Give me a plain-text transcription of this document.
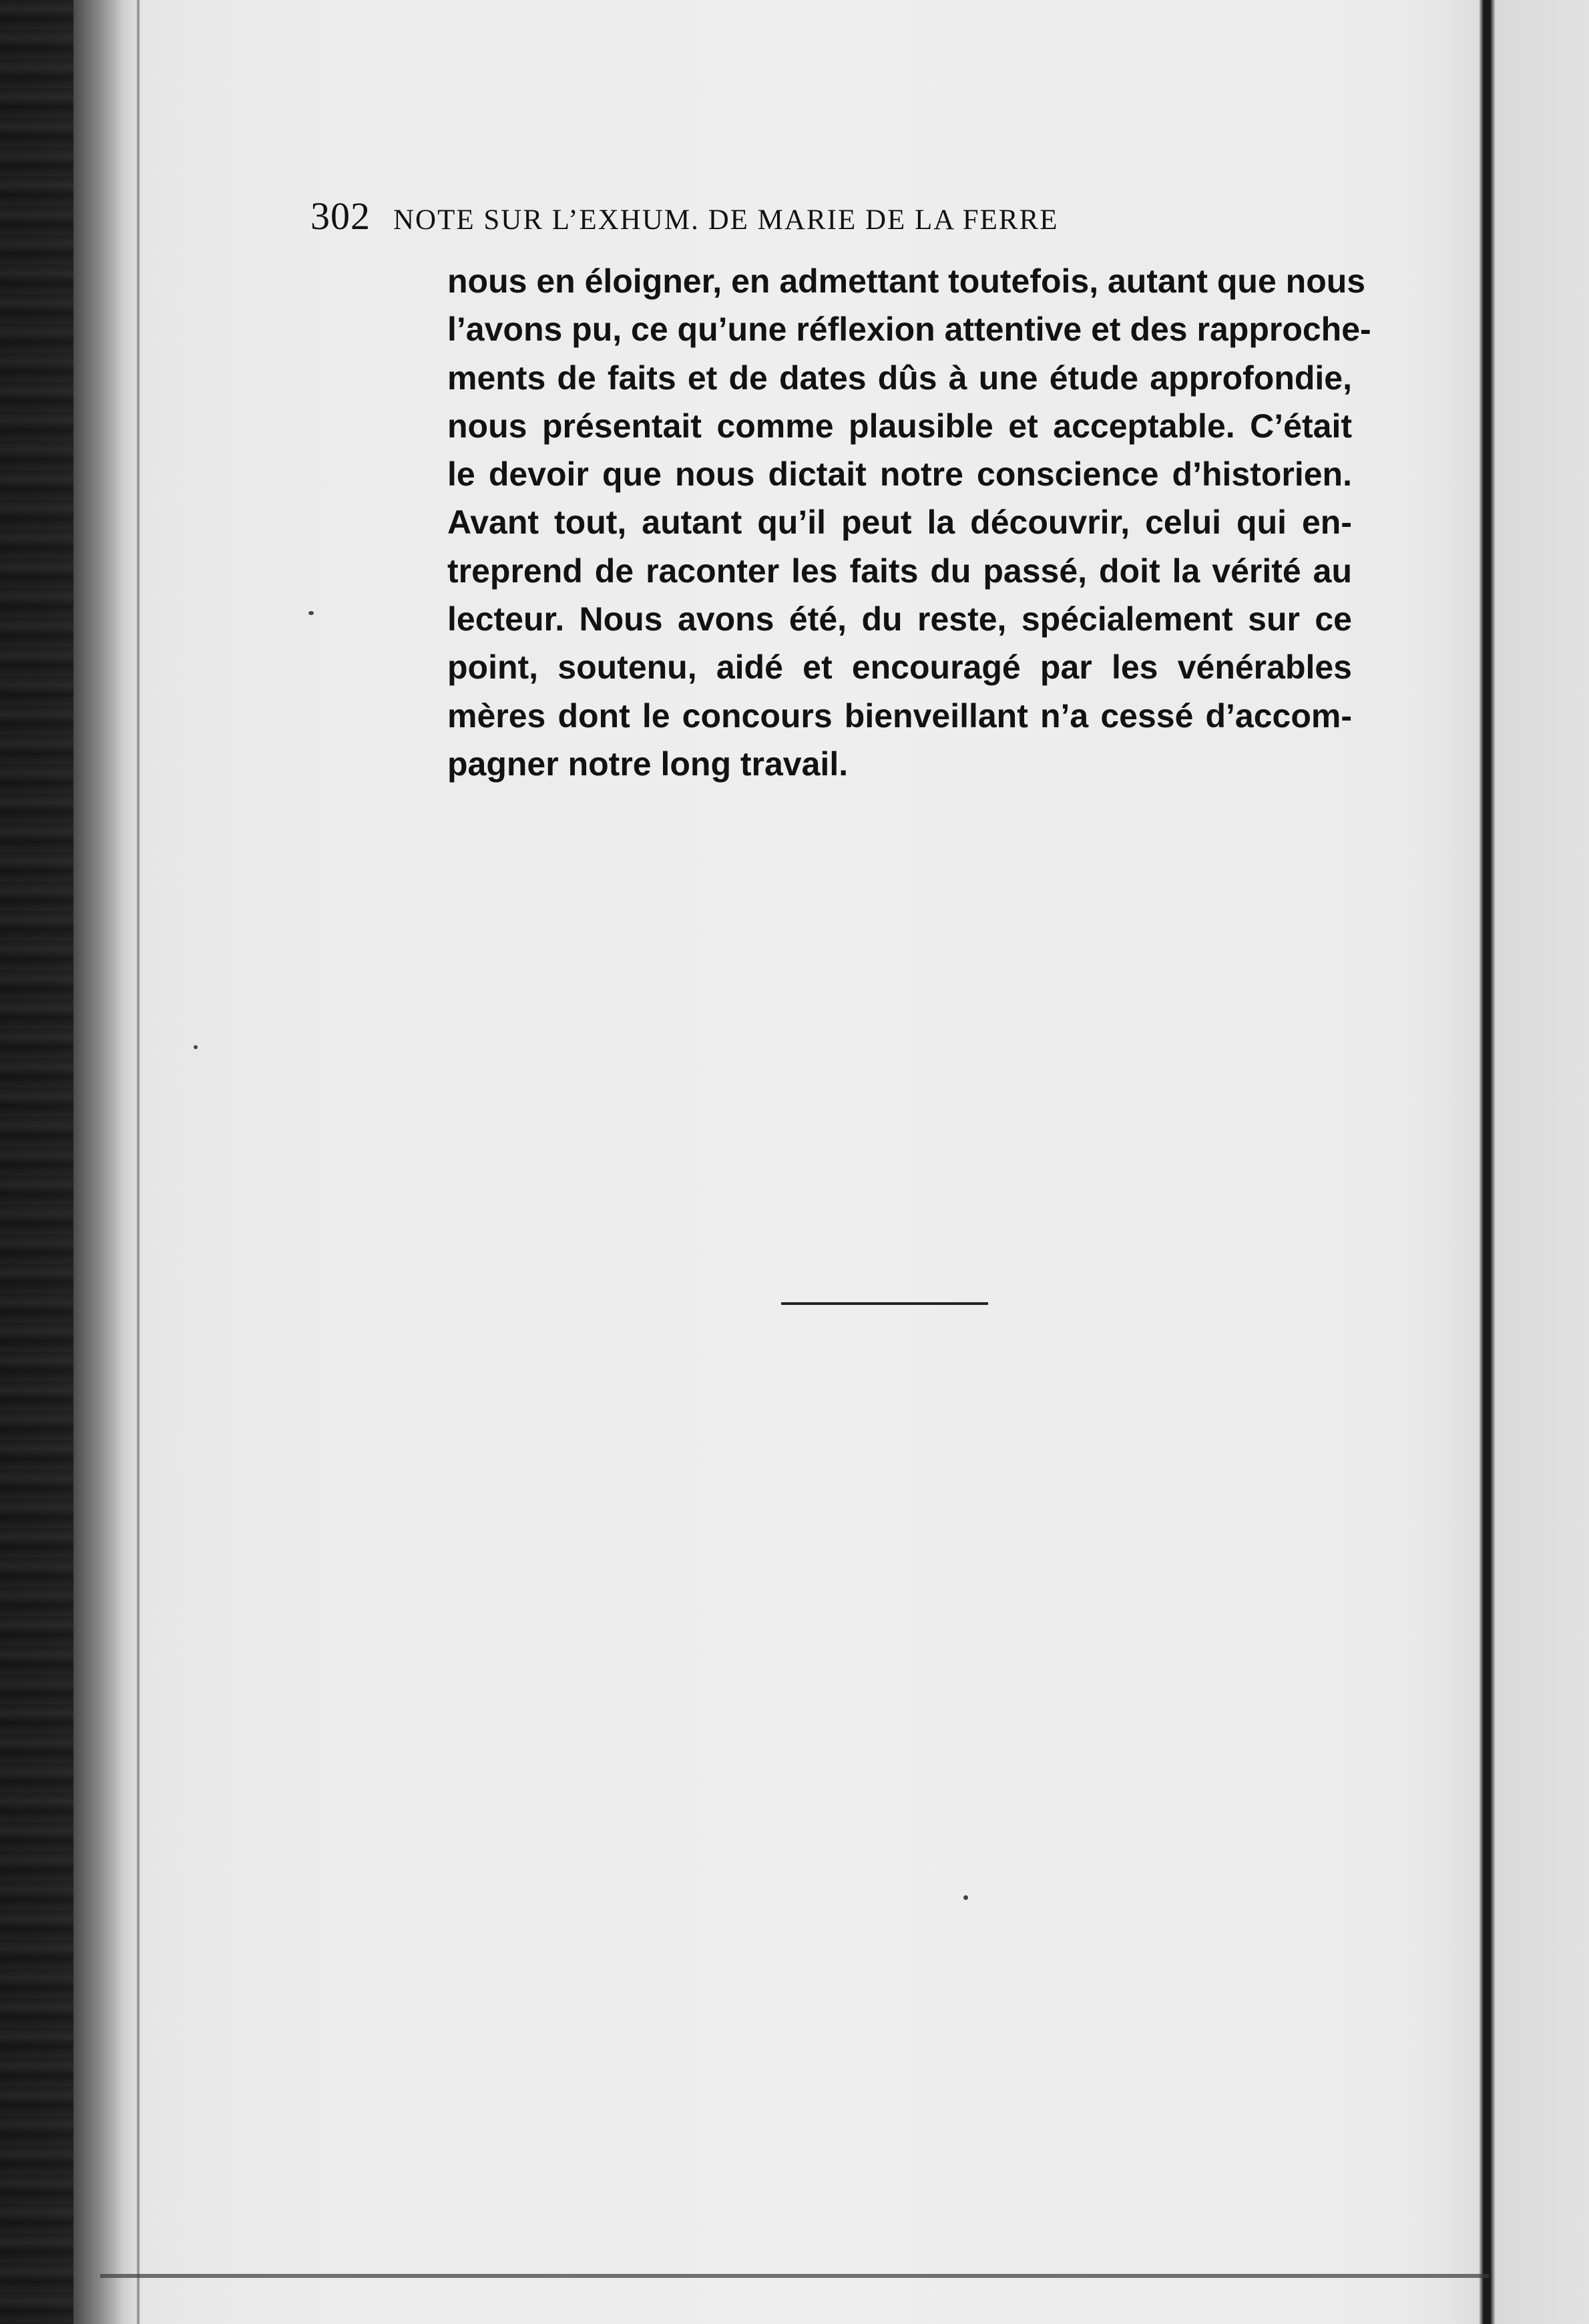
302 NOTE SUR L’EXHUM. DE MARIE DE LA FERRE
nous en éloigner, en admettant toutefois, autant que nous
l’avons pu, ce qu’une réflexion attentive et des rapproche-
ments de faits et de dates dûs à une étude approfondie,
nous présentait comme plausible et acceptable. C’était
le devoir que nous dictait notre conscience d’historien.
Avant tout, autant qu’il peut la découvrir, celui qui en-
treprend de raconter les faits du passé, doit la vérité au
lecteur. Nous avons été, du reste, spécialement sur ce
point, soutenu, aidé et encouragé par les vénérables
mères dont le concours bienveillant n’a cessé d’accom-
pagner notre long travail.
